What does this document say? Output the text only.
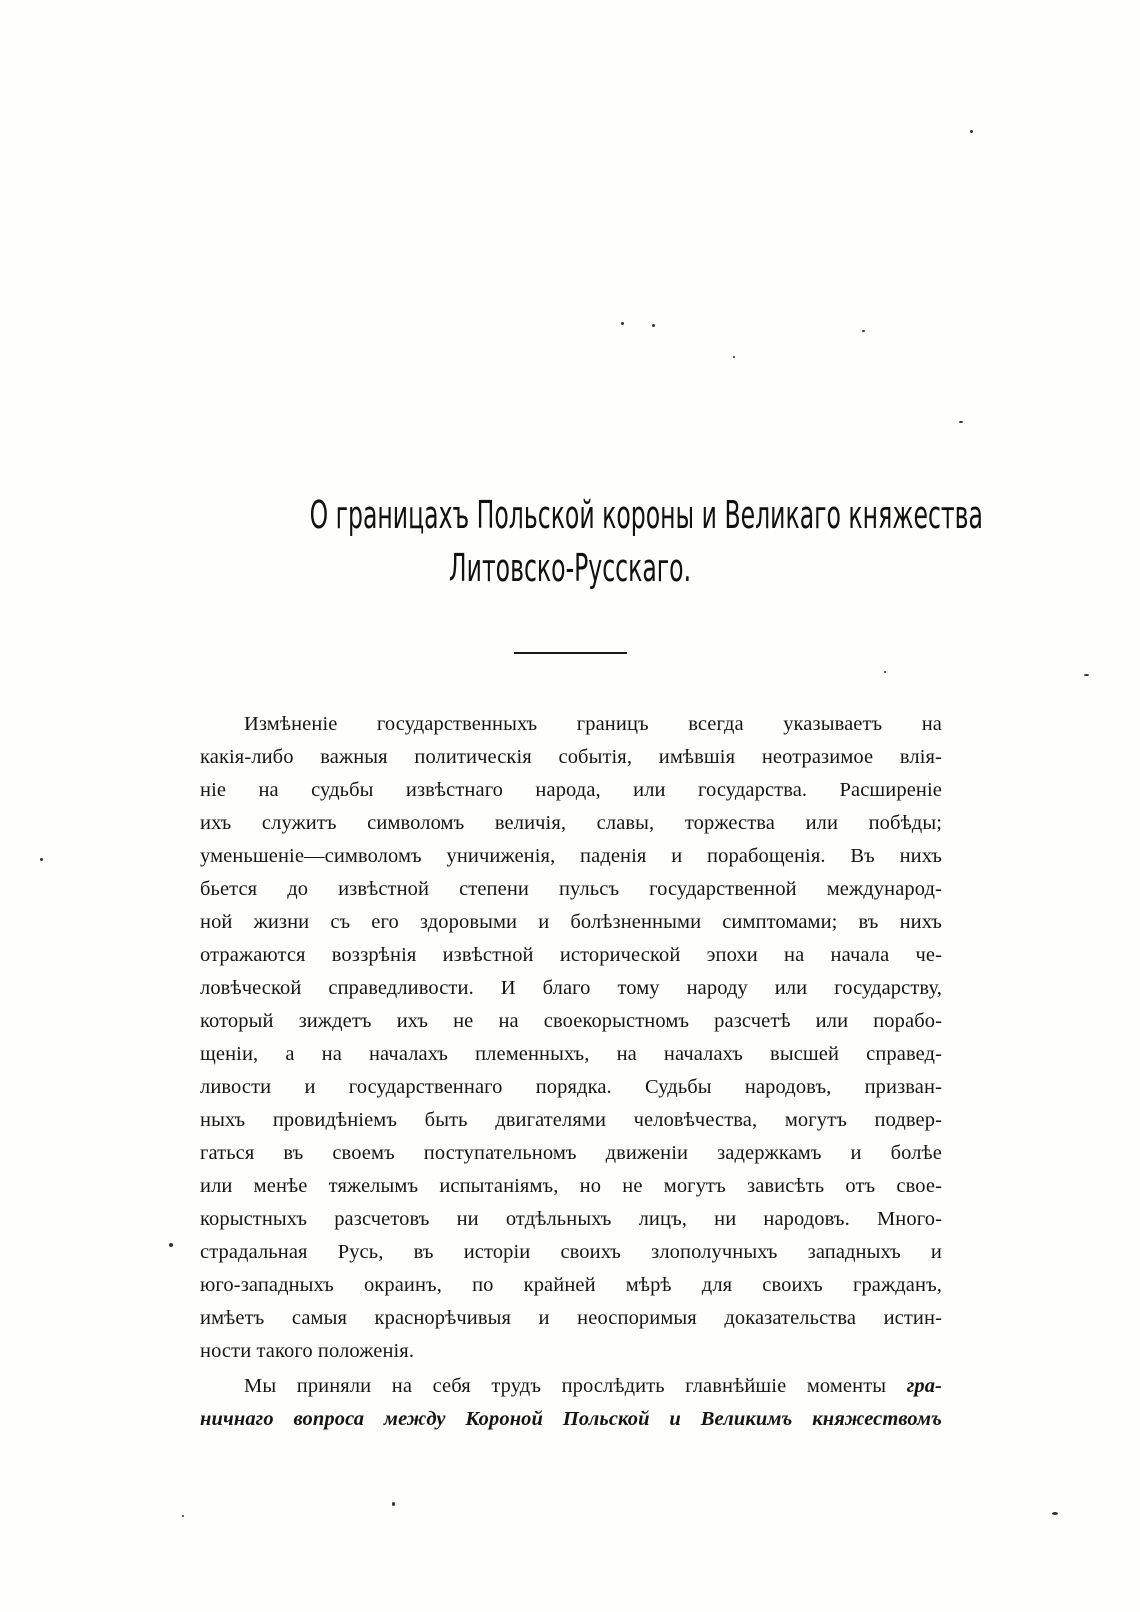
О границахъ Польской короны и Великаго княжества
Литовско-Русскаго.
Измѣненіе государственныхъ границъ всегда указываетъ на
какія-либо важныя политическія событія, имѣвшія неотразимое влія-
ніе на судьбы извѣстнаго народа, или государства. Расширеніе
ихъ служитъ символомъ величія, славы, торжества или побѣды;
уменьшеніе—символомъ уничиженія, паденія и порабощенія. Въ нихъ
бьется до извѣстной степени пульсъ государственной международ-
ной жизни съ его здоровыми и болѣзненными симптомами; въ нихъ
отражаются воззрѣнія извѣстной исторической эпохи на начала че-
ловѣческой справедливости. И благо тому народу или государству,
который зиждетъ ихъ не на своекорыстномъ разсчетѣ или порабо-
щеніи, а на началахъ племенныхъ, на началахъ высшей справед-
ливости и государственнаго порядка. Судьбы народовъ, призван-
ныхъ провидѣніемъ быть двигателями человѣчества, могутъ подвер-
гаться въ своемъ поступательномъ движеніи задержкамъ и болѣе
или менѣе тяжелымъ испытаніямъ, но не могутъ зависѣть отъ свое-
корыстныхъ разсчетовъ ни отдѣльныхъ лицъ, ни народовъ. Много-
страдальная Русь, въ исторіи своихъ злополучныхъ западныхъ и
юго-западныхъ окраинъ, по крайней мѣрѣ для своихъ гражданъ,
имѣетъ самыя краснорѣчивыя и неоспоримыя доказательства истин-
ности такого положенія.
Мы приняли на себя трудъ прослѣдить главнѣйшіе моменты гра-
ничнаго вопроса между Короной Польской и Великимъ княжествомъ
